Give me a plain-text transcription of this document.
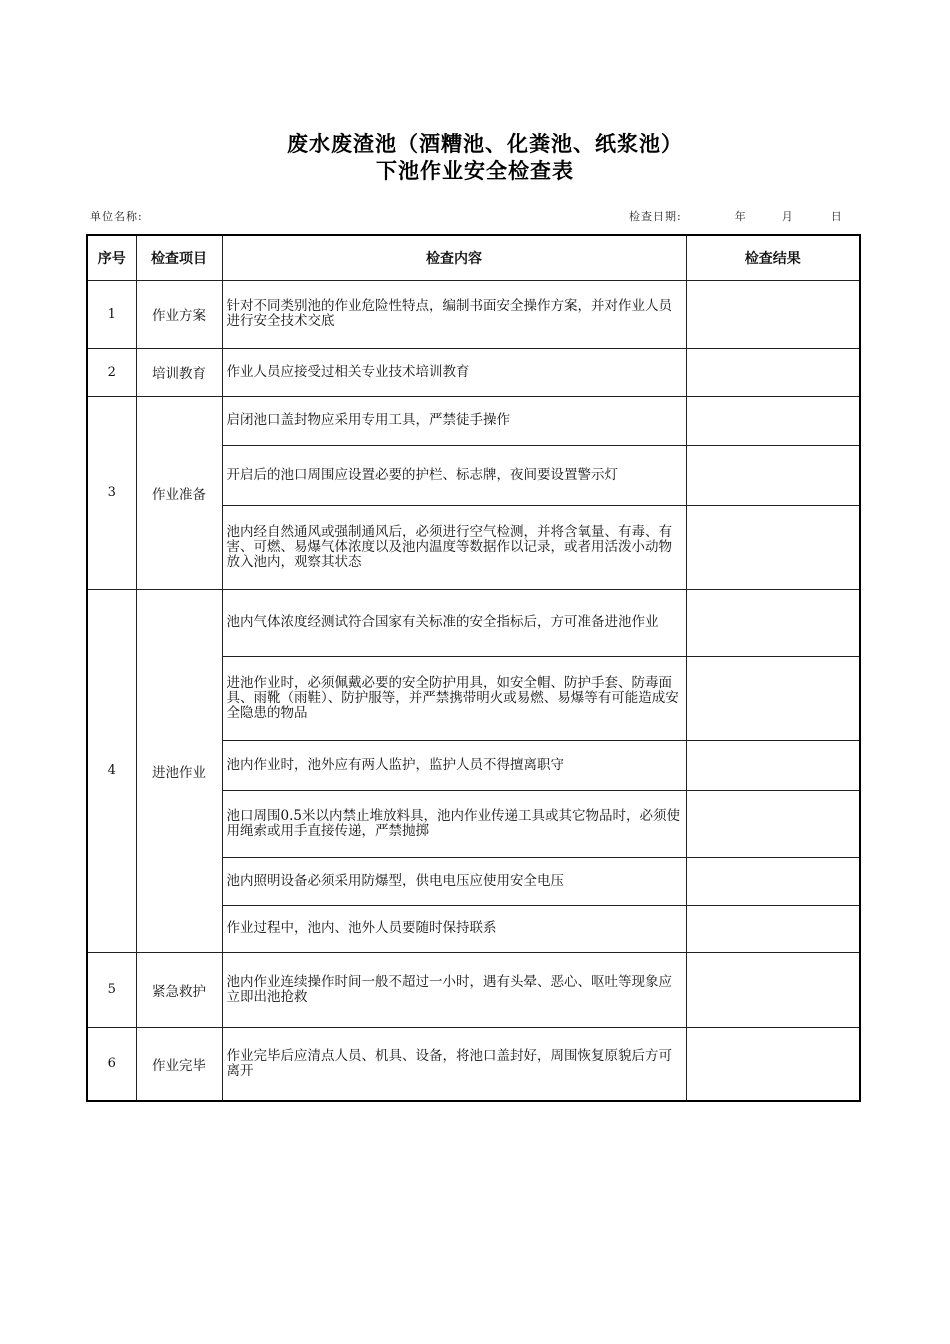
废水废渣池（酒糟池、化粪池、纸浆池）
下池作业安全检查表
单位名称:	检查日期:	年	月	日
序号	检查项目	检查内容	检查结果
1	作业方案	针对不同类别池的作业危险性特点，编制书面安全操作方案，并对作业人员进行安全技术交底	
2	培训教育	作业人员应接受过相关专业技术培训教育	
3	作业准备	启闭池口盖封物应采用专用工具，严禁徒手操作	
		开启后的池口周围应设置必要的护栏、标志牌，夜间要设置警示灯	
		池内经自然通风或强制通风后，必须进行空气检测，并将含氧量、有毒、有害、可燃、易爆气体浓度以及池内温度等数据作以记录，或者用活泼小动物放入池内，观察其状态	
4	进池作业	池内气体浓度经测试符合国家有关标准的安全指标后，方可准备进池作业	
		进池作业时，必须佩戴必要的安全防护用具，如安全帽、防护手套、防毒面具、雨靴（雨鞋）、防护服等，并严禁携带明火或易燃、易爆等有可能造成安全隐患的物品	
		池内作业时，池外应有两人监护，监护人员不得擅离职守	
		池口周围0.5米以内禁止堆放料具，池内作业传递工具或其它物品时，必须使用绳索或用手直接传递，严禁抛掷	
		池内照明设备必须采用防爆型，供电电压应使用安全电压	
		作业过程中，池内、池外人员要随时保持联系	
5	紧急救护	池内作业连续操作时间一般不超过一小时，遇有头晕、恶心、呕吐等现象应立即出池抢救	
6	作业完毕	作业完毕后应清点人员、机具、设备，将池口盖封好，周围恢复原貌后方可离开	
